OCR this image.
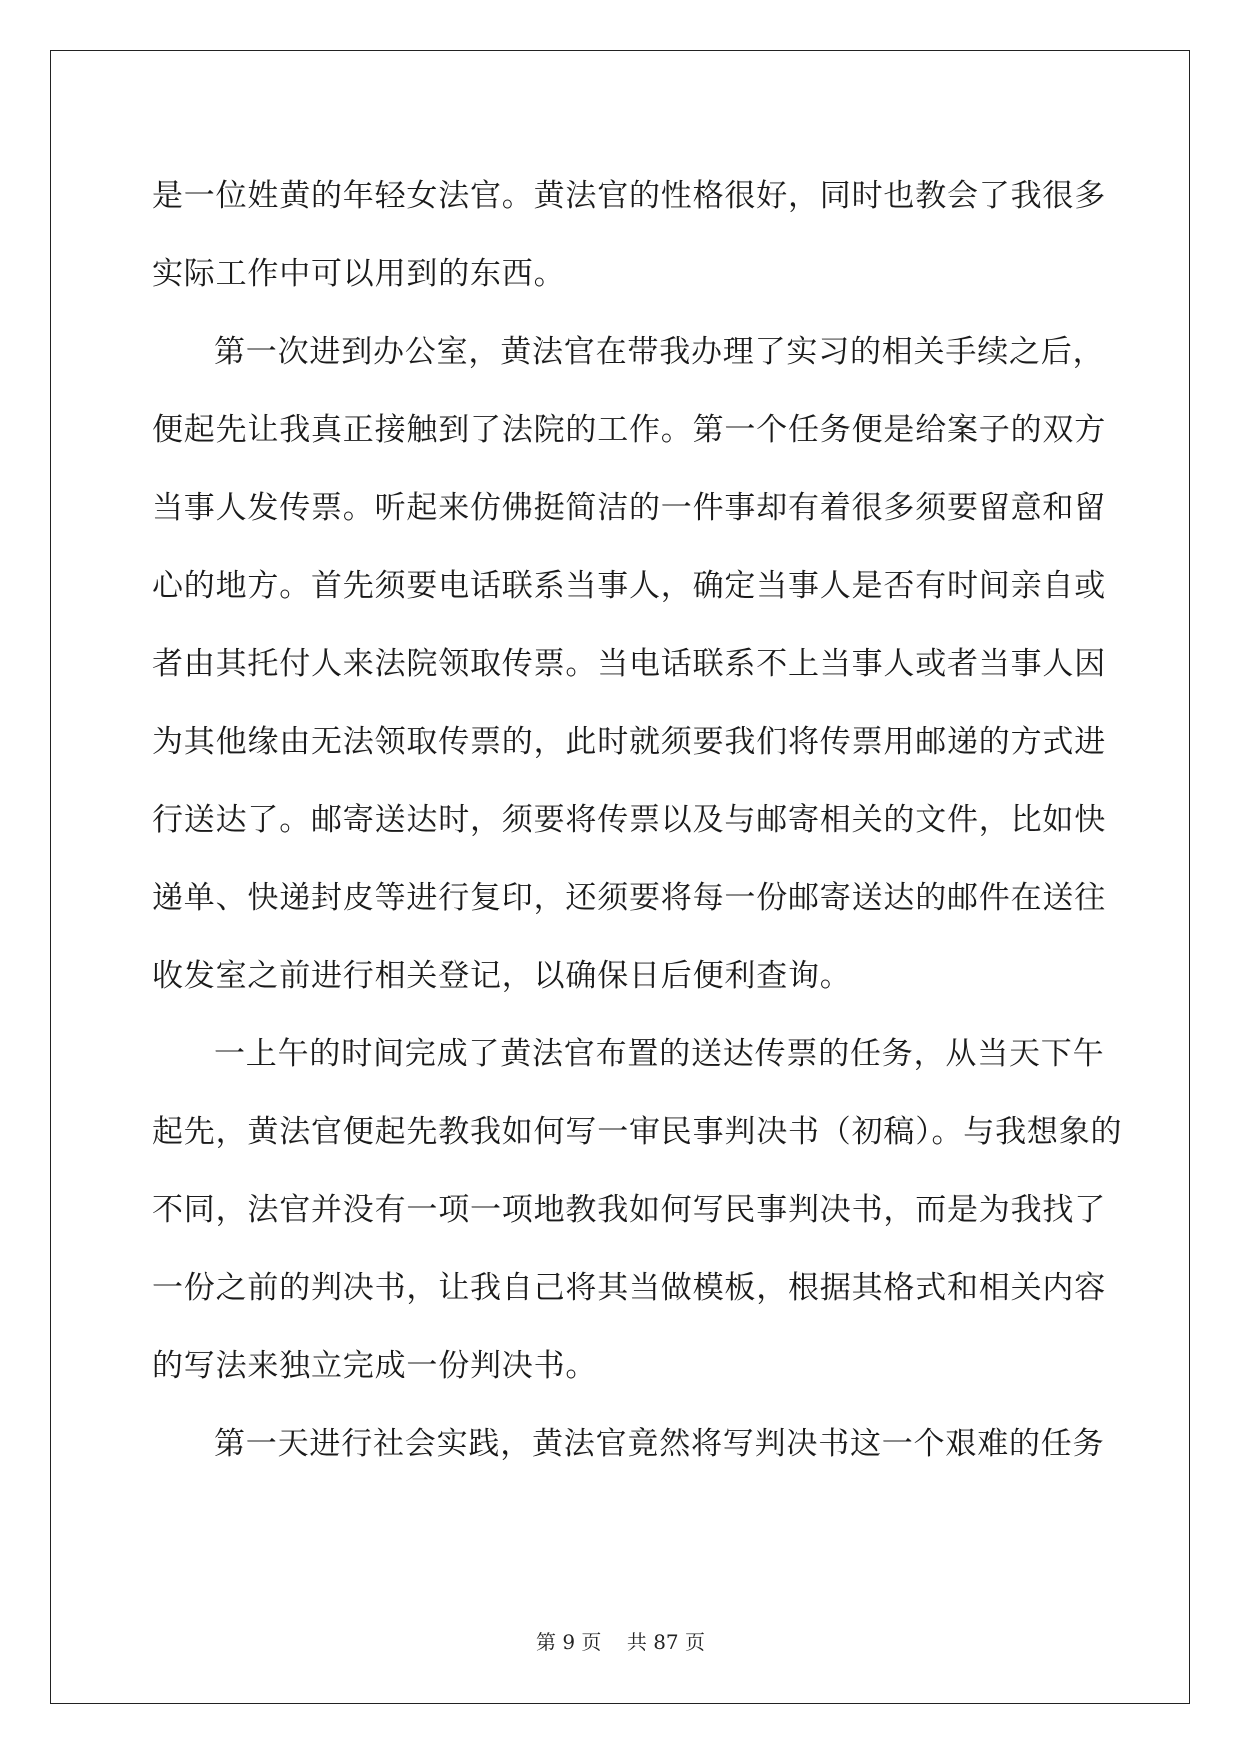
是一位姓黄的年轻女法官。黄法官的性格很好，同时也教会了我很多
实际工作中可以用到的东西。
第一次进到办公室，黄法官在带我办理了实习的相关手续之后，
便起先让我真正接触到了法院的工作。第一个任务便是给案子的双方
当事人发传票。听起来仿佛挺简洁的一件事却有着很多须要留意和留
心的地方。首先须要电话联系当事人，确定当事人是否有时间亲自或
者由其托付人来法院领取传票。当电话联系不上当事人或者当事人因
为其他缘由无法领取传票的，此时就须要我们将传票用邮递的方式进
行送达了。邮寄送达时，须要将传票以及与邮寄相关的文件，比如快
递单、快递封皮等进行复印，还须要将每一份邮寄送达的邮件在送往
收发室之前进行相关登记，以确保日后便利查询。
一上午的时间完成了黄法官布置的送达传票的任务，从当天下午
起先，黄法官便起先教我如何写一审民事判决书（初稿）。与我想象的
不同，法官并没有一项一项地教我如何写民事判决书，而是为我找了
一份之前的判决书，让我自己将其当做模板，根据其格式和相关内容
的写法来独立完成一份判决书。
第一天进行社会实践，黄法官竟然将写判决书这一个艰难的任务
第 9 页    共 87 页
